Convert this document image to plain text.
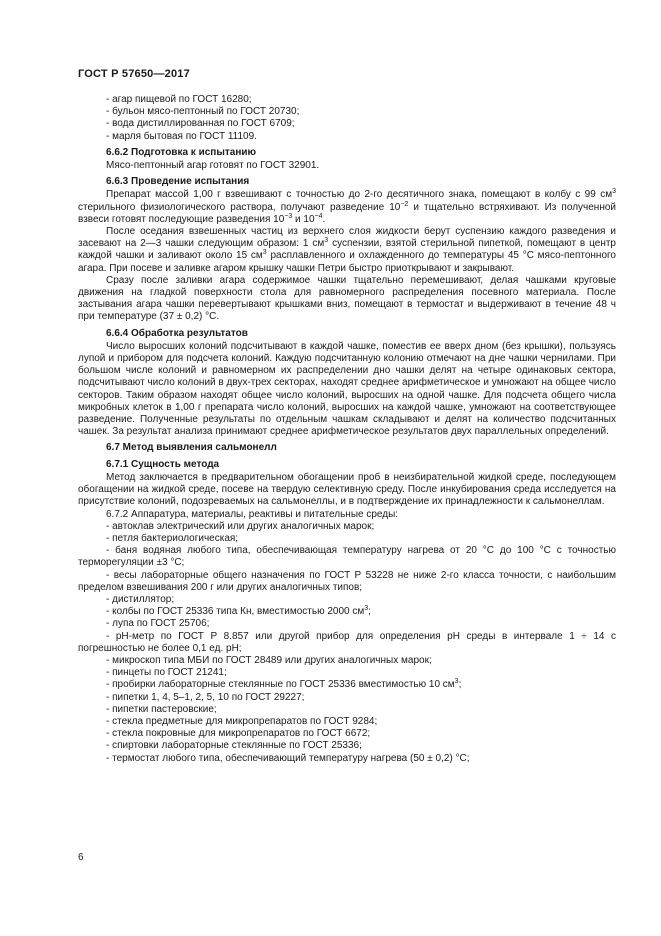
ГОСТ Р 57650—2017

- агар пищевой по ГОСТ 16280;

- бульон мясо-пептонный по ГОСТ 20730;

- вода дистиллированная по ГОСТ 6709;

- марля бытовая по ГОСТ 11109.

6.6.2 Подготовка к испытанию

Мясо-пептонный агар готовят по ГОСТ 32901.

6.6.3 Проведение испытания

Препарат массой 1,00 г взвешивают с точностью до 2-го десятичного знака, помещают в колбу с 99 $см^3$ стерильного физиологического раствора, получают разведение $10^{-2}$ и тщательно встряхивают. Из полученной взвеси готовят последующие разведения $10^{-3}$ и $10^{-4}$.

После оседания взвешенных частиц из верхнего слоя жидкости берут суспензию каждого разведения и засевают на 2—3 чашки следующим образом: 1 $см^3$ суспензии, взятой стерильной пипеткой, помещают в центр каждой чашки и заливают около 15 $см^3$ расплавленного и охлажденного до температуры 45 °С мясо-пептонного агара. При посеве и заливке агаром крышку чашки Петри быстро приоткрывают и закрывают.

Сразу после заливки агара содержимое чашки тщательно перемешивают, делая чашками круговые движения на гладкой поверхности стола для равномерного распределения посевного материала. После застывания агара чашки перевертывают крышками вниз, помещают в термостат и выдерживают в течение 48 ч при температуре (37 ± 0,2) °С.

6.6.4 Обработка результатов

Число выросших колоний подсчитывают в каждой чашке, поместив ее вверх дном (без крышки), пользуясь лупой и прибором для подсчета колоний. Каждую подсчитанную колонию отмечают на дне чашки чернилами. При большом числе колоний и равномерном их распределении дно чашки делят на четыре одинаковых сектора, подсчитывают число колоний в двух-трех секторах, находят среднее арифметическое и умножают на общее число секторов. Таким образом находят общее число колоний, выросших на одной чашке. Для подсчета общего числа микробных клеток в 1,00 г препарата число колоний, выросших на каждой чашке, умножают на соответствующее разведение. Полученные результаты по отдельным чашкам складывают и делят на количество подсчитанных чашек. За результат анализа принимают среднее арифметическое результатов двух параллельных определений.

6.7 Метод выявления сальмонелл

6.7.1 Сущность метода

Метод заключается в предварительном обогащении проб в неизбирательной жидкой среде, последующем обогащении на жидкой среде, посеве на твердую селективную среду. После инкубирования среда исследуется на присутствие колоний, подозреваемых на сальмонеллы, и в подтверждение их принадлежности к сальмонеллам.

6.7.2 Аппаратура, материалы, реактивы и питательные среды:

- автоклав электрический или других аналогичных марок;

- петля бактериологическая;

- баня водяная любого типа, обеспечивающая температуру нагрева от 20 °С до 100 °С с точностью терморегуляции ±3 °С;

- весы лабораторные общего назначения по ГОСТ Р 53228 не ниже 2-го класса точности, с наибольшим пределом взвешивания 200 г или других аналогичных типов;

- дистиллятор;

- колбы по ГОСТ 25336 типа Кн, вместимостью 2000 $см^3$;

- лупа по ГОСТ 25706;

- рН-метр по ГОСТ Р 8.857 или другой прибор для определения рН среды в интервале 1 ÷ 14 с погрешностью не более 0,1 ед. рН;

- микроскоп типа МБИ по ГОСТ 28489 или других аналогичных марок;

- пинцеты по ГОСТ 21241;

- пробирки лабораторные стеклянные по ГОСТ 25336 вместимостью 10 $см^3$;

- пипетки 1, 4, 5–1, 2, 5, 10 по ГОСТ 29227;

- пипетки пастеровские;

- стекла предметные для микропрепаратов по ГОСТ 9284;

- стекла покровные для микропрепаратов по ГОСТ 6672;

- спиртовки лабораторные стеклянные по ГОСТ 25336;

- термостат любого типа, обеспечивающий температуру нагрева (50 ± 0,2) °С;

6
